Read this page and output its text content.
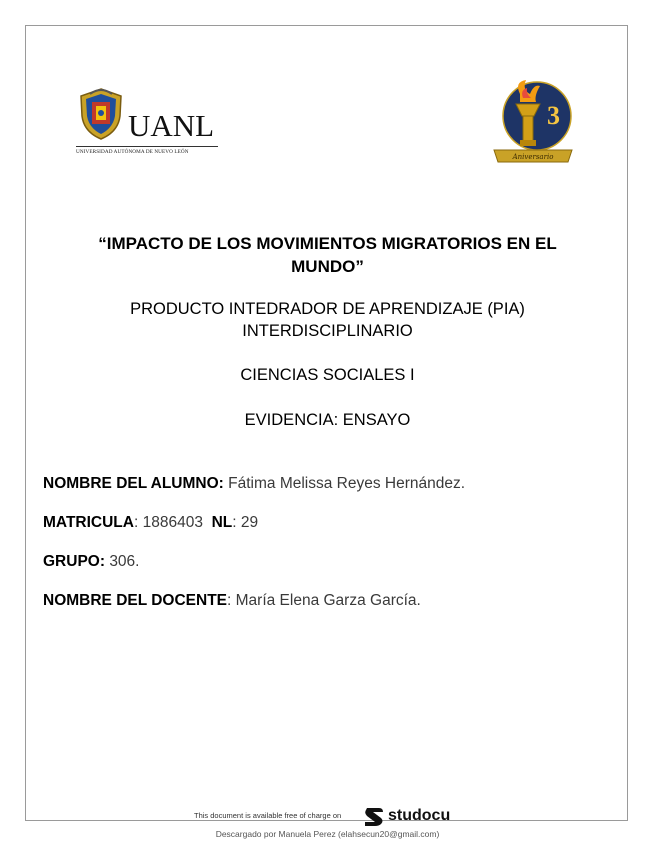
UANL
UNIVERSIDAD AUTÓNOMA DE NUEVO LEÓN
3
Aniversario
“IMPACTO DE LOS MOVIMIENTOS MIGRATORIOS EN EL MUNDO”
PRODUCTO INTEDRADOR DE APRENDIZAJE (PIA) INTERDISCIPLINARIO
CIENCIAS SOCIALES I
EVIDENCIA: ENSAYO
NOMBRE DEL ALUMNO: Fátima Melissa Reyes Hernández.
MATRICULA: 1886403 NL: 29
GRUPO: 306.
NOMBRE DEL DOCENTE: María Elena Garza García.
This document is available free of charge on	studocu
Descargado por Manuela Perez (elahsecun20@gmail.com)
